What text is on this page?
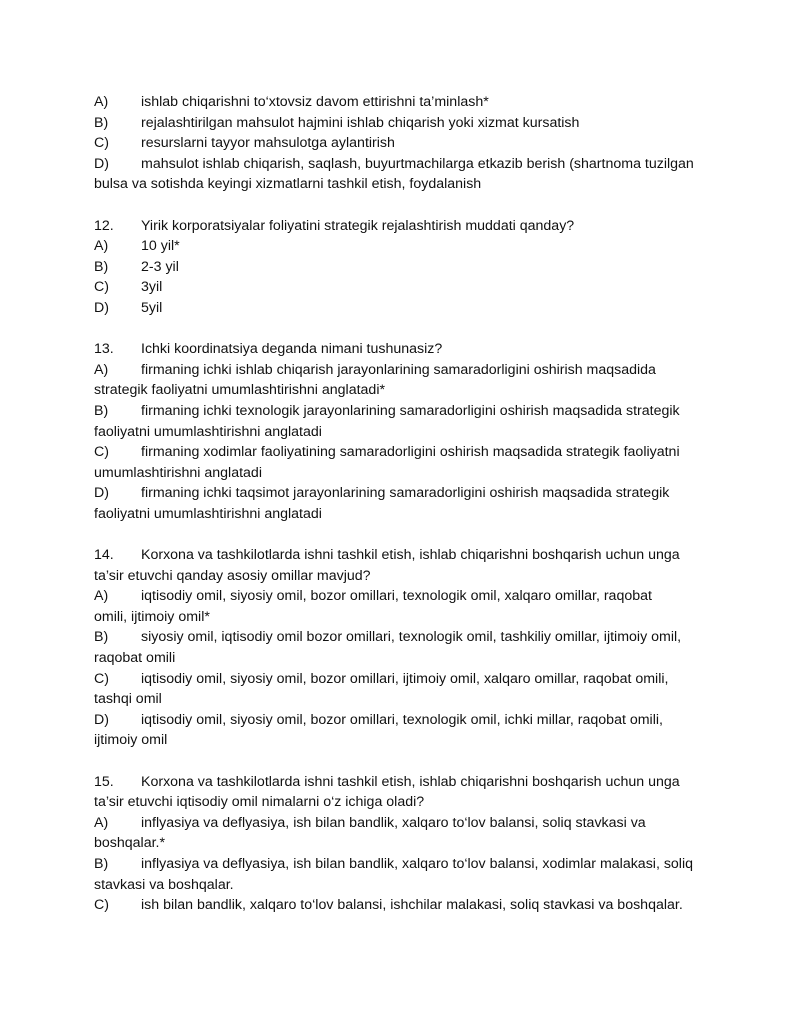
A) ishlab chiqarishni to‘xtovsiz davom ettirishni ta’minlash*
B) rejalashtirilgan mahsulot hajmini ishlab chiqarish yoki xizmat kursatish
C) resurslarni tayyor mahsulotga aylantirish
D) mahsulot ishlab chiqarish, saqlash, buyurtmachilarga etkazib berish (shartnoma tuzilgan
bulsa va sotishda keyingi xizmatlarni tashkil etish, foydalanish
12. Yirik korporatsiyalar foliyatini strategik rejalashtirish muddati qanday?
A) 10 yil*
B) 2-3 yil
C) 3yil
D) 5yil
13. Ichki koordinatsiya deganda nimani tushunasiz?
A) firmaning ichki ishlab chiqarish jarayonlarining samaradorligini oshirish maqsadida
strategik faoliyatni umumlashtirishni anglatadi*
B) firmaning ichki texnologik jarayonlarining samaradorligini oshirish maqsadida strategik
faoliyatni umumlashtirishni anglatadi
C) firmaning xodimlar faoliyatining samaradorligini oshirish maqsadida strategik faoliyatni
umumlashtirishni anglatadi
D) firmaning ichki taqsimot jarayonlarining samaradorligini oshirish maqsadida strategik
faoliyatni umumlashtirishni anglatadi
14. Korxona va tashkilotlarda ishni tashkil etish, ishlab chiqarishni boshqarish uchun unga
ta’sir etuvchi qanday asosiy omillar mavjud?
A) iqtisodiy omil, siyosiy omil, bozor omillari, texnologik omil, xalqaro omillar, raqobat
omili, ijtimoiy omil*
B) siyosiy omil, iqtisodiy omil bozor omillari, texnologik omil, tashkiliy omillar, ijtimoiy omil,
raqobat omili
C) iqtisodiy omil, siyosiy omil, bozor omillari, ijtimoiy omil, xalqaro omillar, raqobat omili,
tashqi omil
D) iqtisodiy omil, siyosiy omil, bozor omillari, texnologik omil, ichki millar, raqobat omili,
ijtimoiy omil
15. Korxona va tashkilotlarda ishni tashkil etish, ishlab chiqarishni boshqarish uchun unga
ta’sir etuvchi iqtisodiy omil nimalarni o‘z ichiga oladi?
A) inflyasiya va deflyasiya, ish bilan bandlik, xalqaro to‘lov balansi, soliq stavkasi va
boshqalar.*
B) inflyasiya va deflyasiya, ish bilan bandlik, xalqaro to‘lov balansi, xodimlar malakasi, soliq
stavkasi va boshqalar.
C) ish bilan bandlik, xalqaro to‘lov balansi, ishchilar malakasi, soliq stavkasi va boshqalar.
